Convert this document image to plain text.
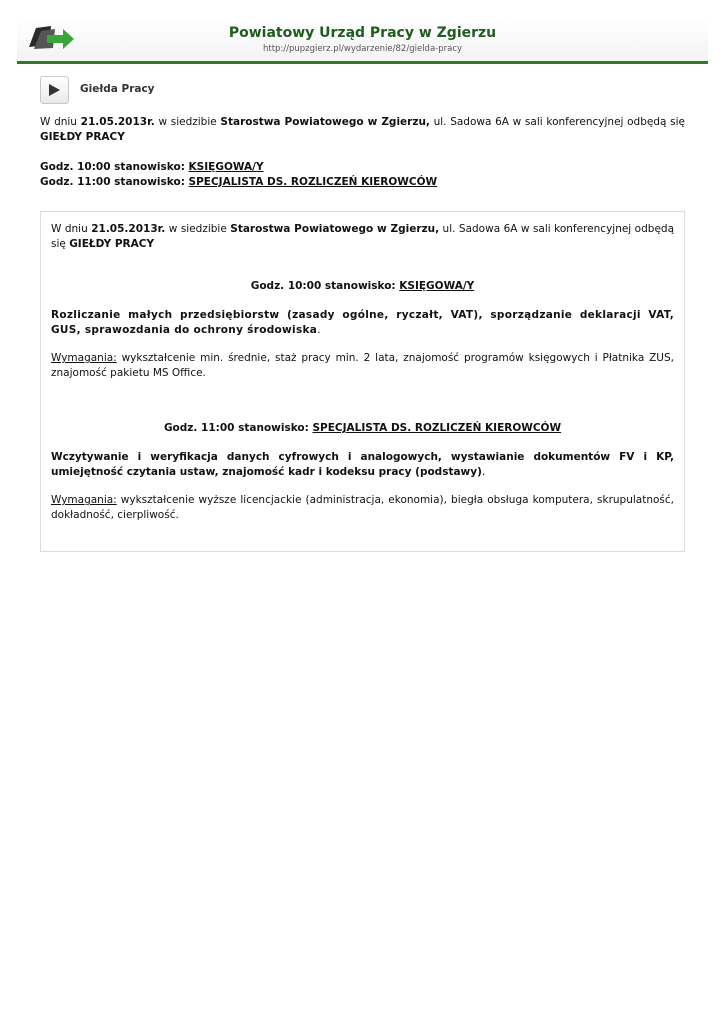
Powiatowy Urząd Pracy w Zgierzu
http://pupzgierz.pl/wydarzenie/82/gielda-pracy
Giełda Pracy

W dniu 21.05.2013r. w siedzibie Starostwa Powiatowego w Zgierzu, ul. Sadowa 6A w sali konferencyjnej odbędą się GIEŁDY PRACY

Godz. 10:00 stanowisko: KSIĘGOWA/Y
Godz. 11:00 stanowisko: SPECJALISTA DS. ROZLICZEŃ KIEROWCÓW

W dniu 21.05.2013r. w siedzibie Starostwa Powiatowego w Zgierzu, ul. Sadowa 6A w sali konferencyjnej odbędą się GIEŁDY PRACY

Godz. 10:00 stanowisko: KSIĘGOWA/Y

Rozliczanie małych przedsiębiorstw (zasady ogólne, ryczałt, VAT), sporządzanie deklaracji VAT, GUS, sprawozdania do ochrony środowiska.

Wymagania: wykształcenie min. średnie, staż pracy min. 2 lata, znajomość programów księgowych i Płatnika ZUS, znajomość pakietu MS Office.

Godz. 11:00 stanowisko: SPECJALISTA DS. ROZLICZEŃ KIEROWCÓW

Wczytywanie i weryfikacja danych cyfrowych i analogowych, wystawianie dokumentów FV i KP, umiejętność czytania ustaw, znajomość kadr i kodeksu pracy (podstawy).

Wymagania: wykształcenie wyższe licencjackie (administracja, ekonomia), biegła obsługa komputera, skrupulatność, dokładność, cierpliwość.
